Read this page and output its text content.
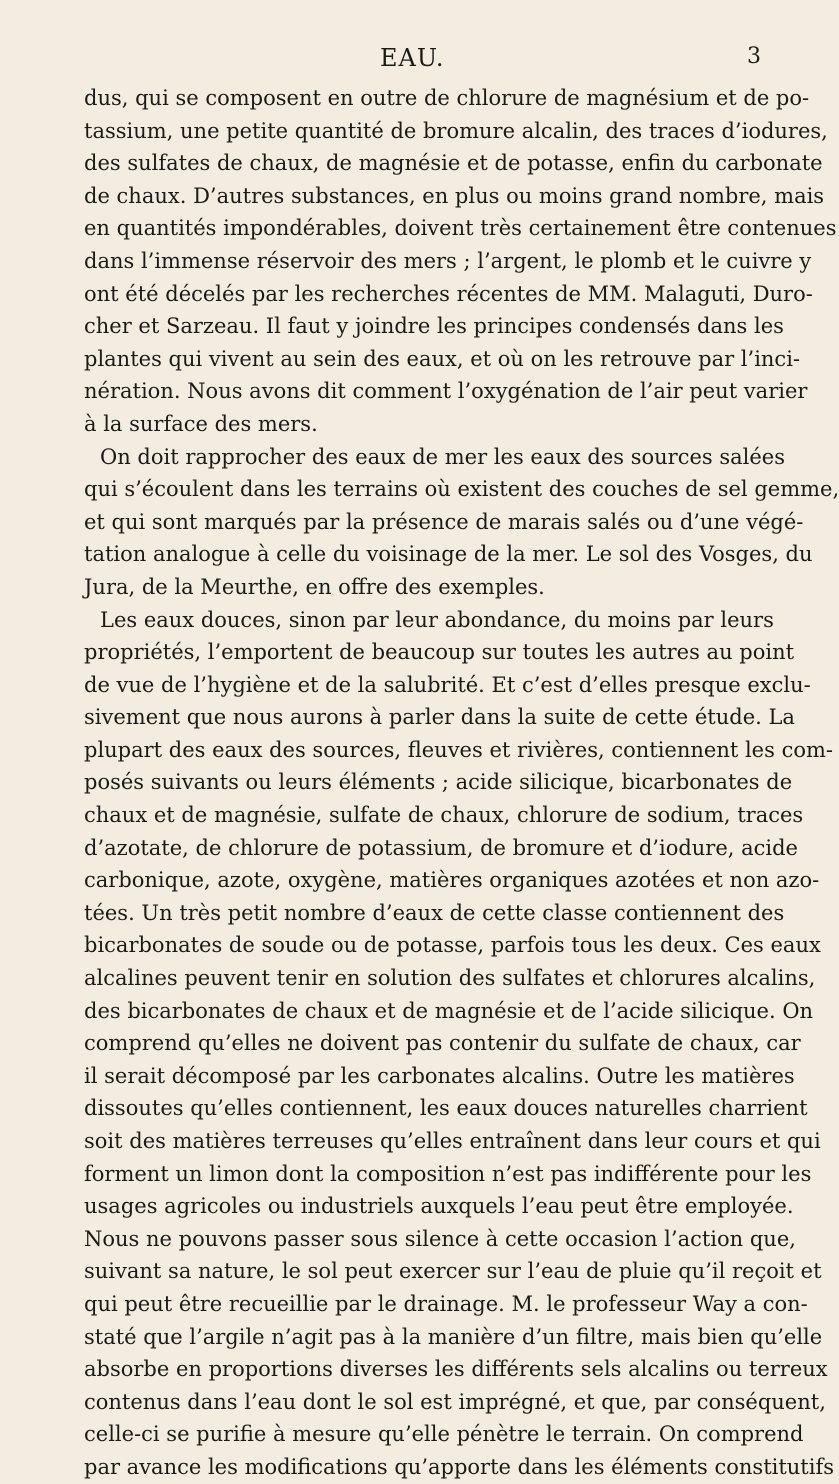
EAU.	3
dus, qui se composent en outre de chlorure de magnésium et de po-
tassium, une petite quantité de bromure alcalin, des traces d’iodures,
des sulfates de chaux, de magnésie et de potasse, enfin du carbonate
de chaux. D’autres substances, en plus ou moins grand nombre, mais
en quantités impondérables, doivent très certainement être contenues
dans l’immense réservoir des mers ; l’argent, le plomb et le cuivre y
ont été décelés par les recherches récentes de MM. Malaguti, Duro-
cher et Sarzeau. Il faut y joindre les principes condensés dans les
plantes qui vivent au sein des eaux, et où on les retrouve par l’inci-
nération. Nous avons dit comment l’oxygénation de l’air peut varier
à la surface des mers.
On doit rapprocher des eaux de mer les eaux des sources salées
qui s’écoulent dans les terrains où existent des couches de sel gemme,
et qui sont marqués par la présence de marais salés ou d’une végé-
tation analogue à celle du voisinage de la mer. Le sol des Vosges, du
Jura, de la Meurthe, en offre des exemples.
Les eaux douces, sinon par leur abondance, du moins par leurs
propriétés, l’emportent de beaucoup sur toutes les autres au point
de vue de l’hygiène et de la salubrité. Et c’est d’elles presque exclu-
sivement que nous aurons à parler dans la suite de cette étude. La
plupart des eaux des sources, fleuves et rivières, contiennent les com-
posés suivants ou leurs éléments ; acide silicique, bicarbonates de
chaux et de magnésie, sulfate de chaux, chlorure de sodium, traces
d’azotate, de chlorure de potassium, de bromure et d’iodure, acide
carbonique, azote, oxygène, matières organiques azotées et non azo-
tées. Un très petit nombre d’eaux de cette classe contiennent des
bicarbonates de soude ou de potasse, parfois tous les deux. Ces eaux
alcalines peuvent tenir en solution des sulfates et chlorures alcalins,
des bicarbonates de chaux et de magnésie et de l’acide silicique. On
comprend qu’elles ne doivent pas contenir du sulfate de chaux, car
il serait décomposé par les carbonates alcalins. Outre les matières
dissoutes qu’elles contiennent, les eaux douces naturelles charrient
soit des matières terreuses qu’elles entraînent dans leur cours et qui
forment un limon dont la composition n’est pas indifférente pour les
usages agricoles ou industriels auxquels l’eau peut être employée.
Nous ne pouvons passer sous silence à cette occasion l’action que,
suivant sa nature, le sol peut exercer sur l’eau de pluie qu’il reçoit et
qui peut être recueillie par le drainage. M. le professeur Way a con-
staté que l’argile n’agit pas à la manière d’un filtre, mais bien qu’elle
absorbe en proportions diverses les différents sels alcalins ou terreux
contenus dans l’eau dont le sol est imprégné, et que, par conséquent,
celle-ci se purifie à mesure qu’elle pénètre le terrain. On comprend
par avance les modifications qu’apporte dans les éléments constitutifs
